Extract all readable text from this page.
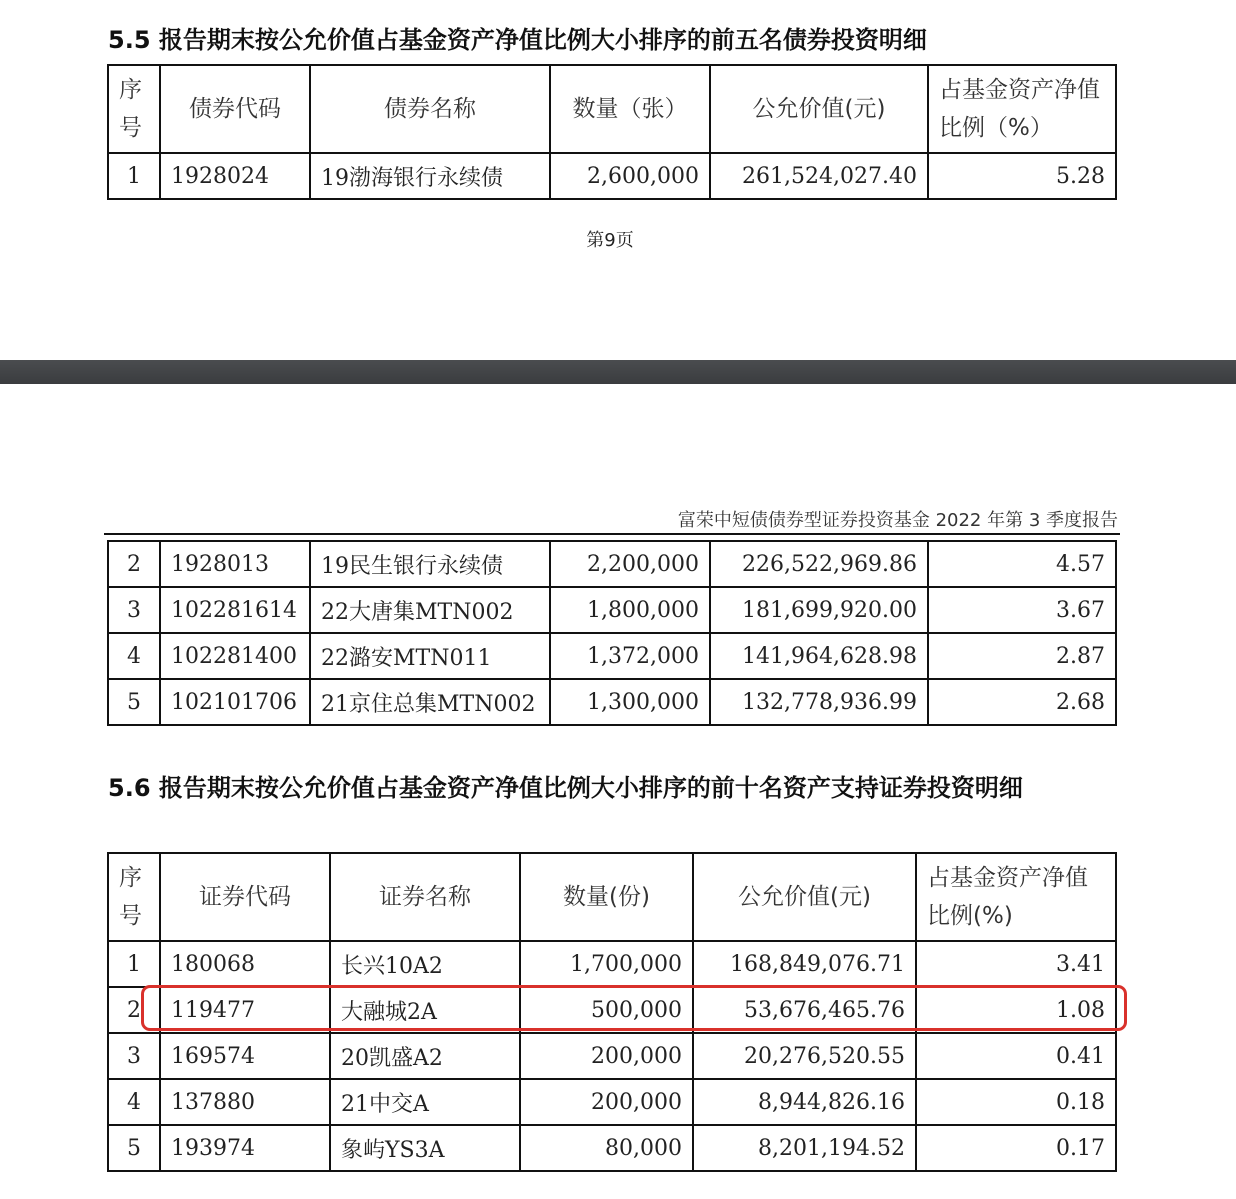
5.5 报告期末按公允价值占基金资产净值比例大小排序的前五名债券投资明细
序号	债券代码	债券名称	数量（张）	公允价值(元)	占基金资产净值比例（%）
1	1928024	19渤海银行永续债	2,600,000	261,524,027.40	5.28
第9页
富荣中短债债券型证券投资基金 2022 年第 3 季度报告
2	1928013	19民生银行永续债	2,200,000	226,522,969.86	4.57
3	102281614	22大唐集MTN002	1,800,000	181,699,920.00	3.67
4	102281400	22潞安MTN011	1,372,000	141,964,628.98	2.87
5	102101706	21京住总集MTN002	1,300,000	132,778,936.99	2.68
5.6 报告期末按公允价值占基金资产净值比例大小排序的前十名资产支持证券投资明细
序号	证券代码	证券名称	数量(份)	公允价值(元)	占基金资产净值比例(%)
1	180068	长兴10A2	1,700,000	168,849,076.71	3.41
2	119477	大融城2A	500,000	53,676,465.76	1.08
3	169574	20凯盛A2	200,000	20,276,520.55	0.41
4	137880	21中交A	200,000	8,944,826.16	0.18
5	193974	象屿YS3A	80,000	8,201,194.52	0.17
